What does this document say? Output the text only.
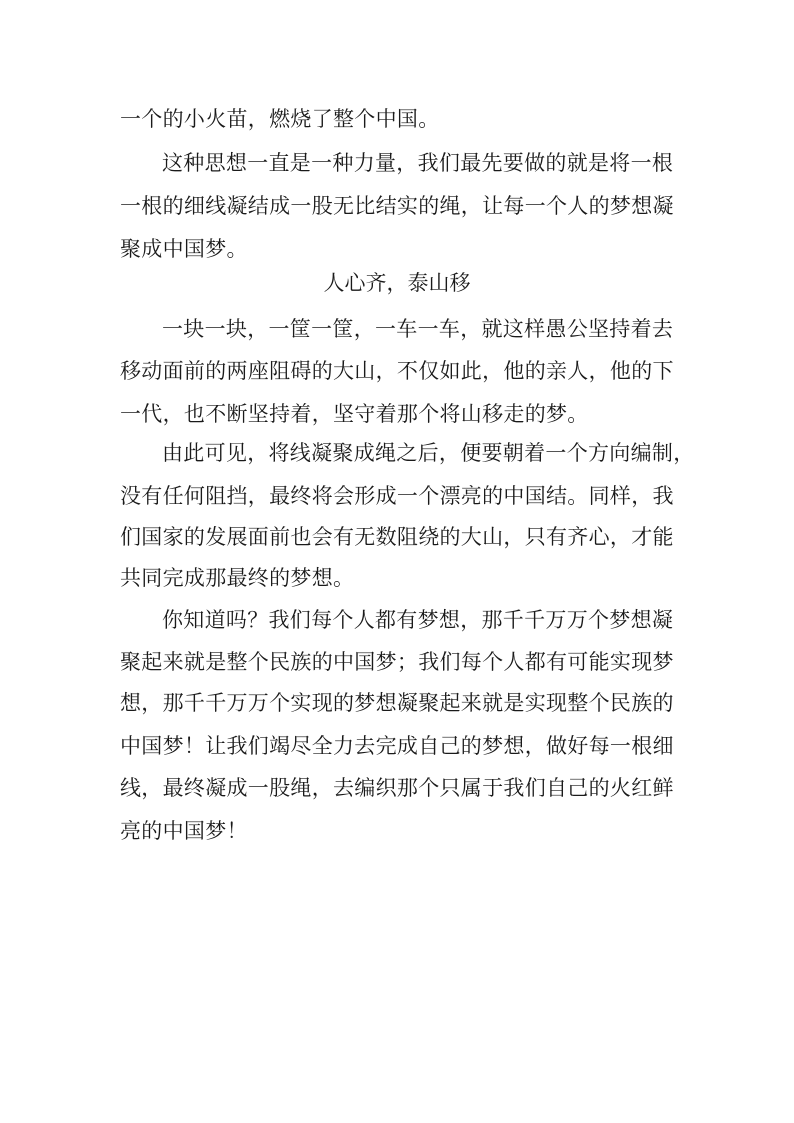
一个的小火苗，燃烧了整个中国。
这种思想一直是一种力量，我们最先要做的就是将一根
一根的细线凝结成一股无比结实的绳，让每一个人的梦想凝
聚成中国梦。
人心齐，泰山移
一块一块，一筐一筐，一车一车，就这样愚公坚持着去
移动面前的两座阻碍的大山，不仅如此，他的亲人，他的下
一代，也不断坚持着，坚守着那个将山移走的梦。
由此可见，将线凝聚成绳之后，便要朝着一个方向编制，
没有任何阻挡，最终将会形成一个漂亮的中国结。同样，我
们国家的发展面前也会有无数阻绕的大山，只有齐心，才能
共同完成那最终的梦想。
你知道吗？我们每个人都有梦想，那千千万万个梦想凝
聚起来就是整个民族的中国梦；我们每个人都有可能实现梦
想，那千千万万个实现的梦想凝聚起来就是实现整个民族的
中国梦！让我们竭尽全力去完成自己的梦想，做好每一根细
线，最终凝成一股绳，去编织那个只属于我们自己的火红鲜
亮的中国梦！
